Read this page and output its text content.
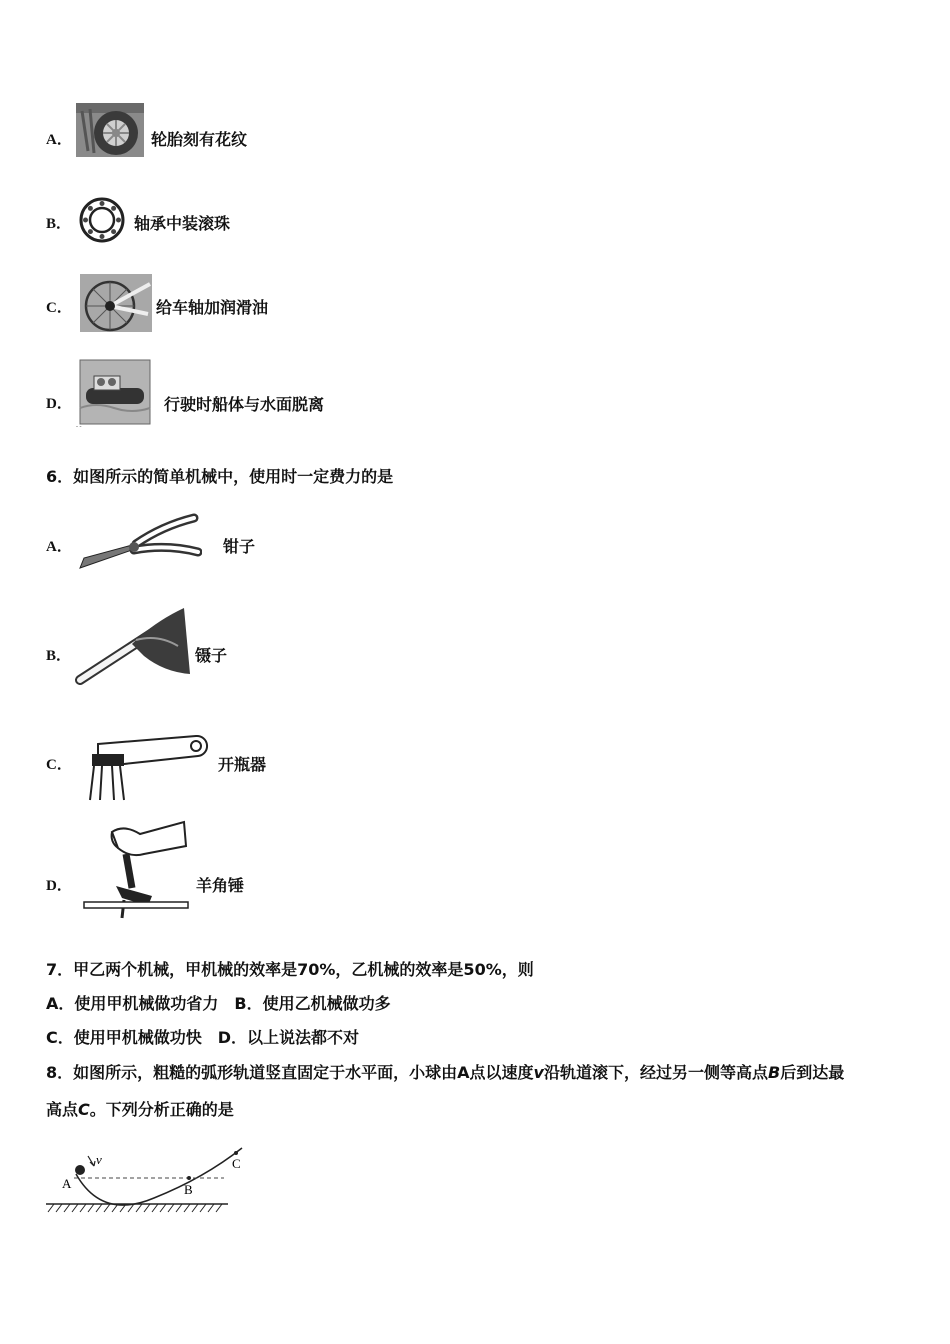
A．	轮胎刻有花纹
B．	轴承中装滚珠
C．	给车轴加润滑油
D．
- -
行驶时船体与水面脱离
6．如图所示的简单机械中，使用时一定费力的是
A．	钳子
B．	镊子
C．	开瓶器
D．	羊角锤
7．甲乙两个机械，甲机械的效率是70%，乙机械的效率是50%，则
A．使用甲机械做功省力　B．使用乙机械做功多
C．使用甲机械做功快　D．以上说法都不对
8．如图所示，粗糙的弧形轨道竖直固定于水平面，小球由A点以速度v沿轨道滚下，经过另一侧等高点B后到达最
高点C。下列分析正确的是
A
v
B
C
